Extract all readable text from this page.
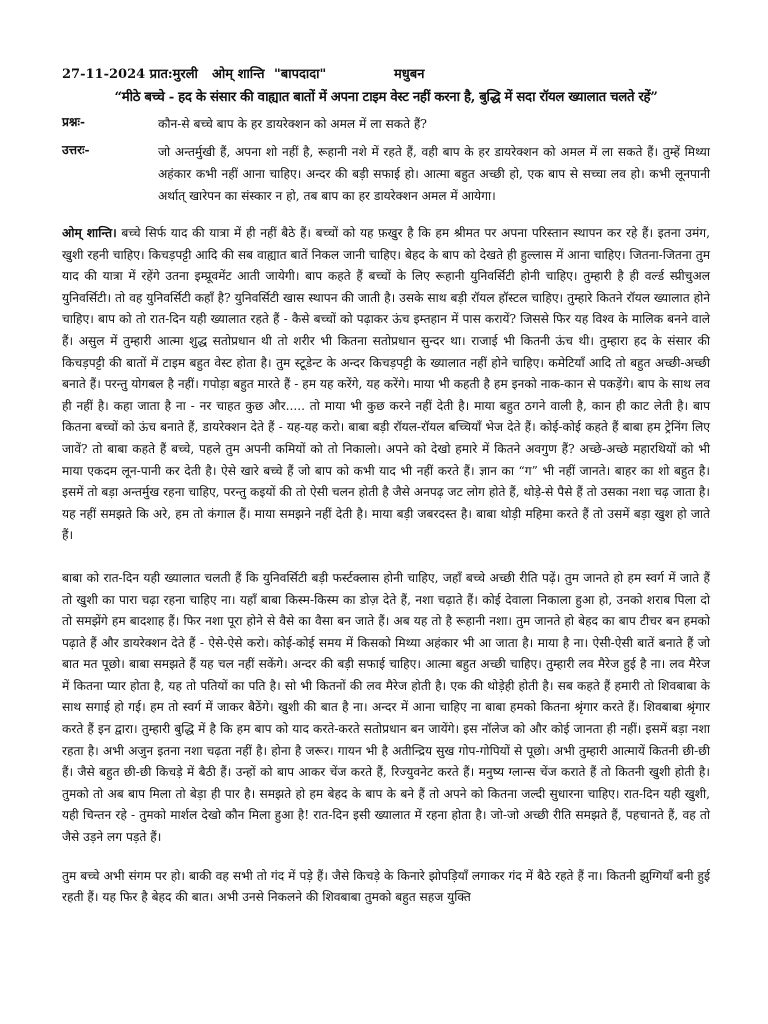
27-11-2024 प्रात:मुरली	ओम् शान्ति "बापदादा"	मधुबन
“मीठे बच्चे - हद के संसार की वाह्यात बातों में अपना टाइम वेस्ट नहीं करना है, बुद्धि में सदा रॉयल ख्यालात चलते रहें”
प्रश्नः-	कौन-से बच्चे बाप के हर डायरेक्शन को अमल में ला सकते हैं?
उत्तरः-	जो अन्तर्मुखी हैं, अपना शो नहीं है, रूहानी नशे में रहते हैं, वही बाप के हर डायरेक्शन को अमल में ला सकते हैं। तुम्हें मिथ्या अहंकार कभी नहीं आना चाहिए। अन्दर की बड़ी सफाई हो। आत्मा बहुत अच्छी हो, एक बाप से सच्चा लव हो। कभी लूनपानी अर्थात् खारेपन का संस्कार न हो, तब बाप का हर डायरेक्शन अमल में आयेगा।

ओम् शान्ति। बच्चे सिर्फ याद की यात्रा में ही नहीं बैठे हैं। बच्चों को यह फ़खुर है कि हम श्रीमत पर अपना परिस्तान स्थापन कर रहे हैं। इतना उमंग, खुशी रहनी चाहिए। किचड़पट्टी आदि की सब वाह्यात बातें निकल जानी चाहिए। बेहद के बाप को देखते ही हुल्लास में आना चाहिए। जितना-जितना तुम याद की यात्रा में रहेंगे उतना इम्प्रूवमेंट आती जायेगी। बाप कहते हैं बच्चों के लिए रूहानी युनिवर्सिटी होनी चाहिए। तुम्हारी है ही वर्ल्ड स्प्रीचुअल युनिवर्सिटी। तो वह युनिवर्सिटी कहाँ है? युनिवर्सिटी खास स्थापन की जाती है। उसके साथ बड़ी रॉयल हॉस्टल चाहिए। तुम्हारे कितने रॉयल ख्यालात होने चाहिए। बाप को तो रात-दिन यही ख्यालात रहते हैं - कैसे बच्चों को पढ़ाकर ऊंच इम्तहान में पास करायें? जिससे फिर यह विश्व के मालिक बनने वाले हैं। असुल में तुम्हारी आत्मा शुद्ध सतोप्रधान थी तो शरीर भी कितना सतोप्रधान सुन्दर था। राजाई भी कितनी ऊंच थी। तुम्हारा हद के संसार की किचड़पट्टी की बातों में टाइम बहुत वेस्ट होता है। तुम स्टूडेन्ट के अन्दर किचड़पट्टी के ख्यालात नहीं होने चाहिए। कमेटियाँ आदि तो बहुत अच्छी-अच्छी बनाते हैं। परन्तु योगबल है नहीं। गपोड़ा बहुत मारते हैं - हम यह करेंगे, यह करेंगे। माया भी कहती है हम इनको नाक-कान से पकड़ेंगे। बाप के साथ लव ही नहीं है। कहा जाता है ना - नर चाहत कुछ और..... तो माया भी कुछ करने नहीं देती है। माया बहुत ठगने वाली है, कान ही काट लेती है। बाप कितना बच्चों को ऊंच बनाते हैं, डायरेक्शन देते हैं - यह-यह करो। बाबा बड़ी रॉयल-रॉयल बच्चियाँ भेज देते हैं। कोई-कोई कहते हैं बाबा हम ट्रेनिंग लिए जावें? तो बाबा कहते हैं बच्चे, पहले तुम अपनी कमियों को तो निकालो। अपने को देखो हमारे में कितने अवगुण हैं? अच्छे-अच्छे महारथियों को भी माया एकदम लून-पानी कर देती है। ऐसे खारे बच्चे हैं जो बाप को कभी याद भी नहीं करते हैं। ज्ञान का “ग” भी नहीं जानते। बाहर का शो बहुत है। इसमें तो बड़ा अन्तर्मुख रहना चाहिए, परन्तु कइयों की तो ऐसी चलन होती है जैसे अनपढ़ जट लोग होते हैं, थोड़े-से पैसे हैं तो उसका नशा चढ़ जाता है। यह नहीं समझते कि अरे, हम तो कंगाल हैं। माया समझने नहीं देती है। माया बड़ी जबरदस्त है। बाबा थोड़ी महिमा करते हैं तो उसमें बड़ा खुश हो जाते हैं।

बाबा को रात-दिन यही ख्यालात चलती हैं कि युनिवर्सिटी बड़ी फर्स्टक्लास होनी चाहिए, जहाँ बच्चे अच्छी रीति पढ़ें। तुम जानते हो हम स्वर्ग में जाते हैं तो खुशी का पारा चढ़ा रहना चाहिए ना। यहाँ बाबा किस्म-किस्म का डोज़ देते हैं, नशा चढ़ाते हैं। कोई देवाला निकाला हुआ हो, उनको शराब पिला दो तो समझेंगे हम बादशाह हैं। फिर नशा पूरा होने से वैसे का वैसा बन जाते हैं। अब यह तो है रूहानी नशा। तुम जानते हो बेहद का बाप टीचर बन हमको पढ़ाते हैं और डायरेक्शन देते हैं - ऐसे-ऐसे करो। कोई-कोई समय में किसको मिथ्या अहंकार भी आ जाता है। माया है ना। ऐसी-ऐसी बातें बनाते हैं जो बात मत पूछो। बाबा समझते हैं यह चल नहीं सकेंगे। अन्दर की बड़ी सफाई चाहिए। आत्मा बहुत अच्छी चाहिए। तुम्हारी लव मैरेज हुई है ना। लव मैरेज में कितना प्यार होता है, यह तो पतियों का पति है। सो भी कितनों की लव मैरेज होती है। एक की थोड़ेही होती है। सब कहते हैं हमारी तो शिवबाबा के साथ सगाई हो गई। हम तो स्वर्ग में जाकर बैठेंगे। खुशी की बात है ना। अन्दर में आना चाहिए ना बाबा हमको कितना श्रृंगार करते हैं। शिवबाबा श्रृंगार करते हैं इन द्वारा। तुम्हारी बुद्धि में है कि हम बाप को याद करते-करते सतोप्रधान बन जायेंगे। इस नॉलेज को और कोई जानता ही नहीं। इसमें बड़ा नशा रहता है। अभी अजुन इतना नशा चढ़ता नहीं है। होना है जरूर। गायन भी है अतीन्द्रिय सुख गोप-गोपियों से पूछो। अभी तुम्हारी आत्मायें कितनी छी-छी हैं। जैसे बहुत छी-छी किचड़े में बैठी हैं। उन्हों को बाप आकर चेंज करते हैं, रिज्युवनेट करते हैं। मनुष्य ग्लान्स चेंज कराते हैं तो कितनी खुशी होती है। तुमको तो अब बाप मिला तो बेड़ा ही पार है। समझते हो हम बेहद के बाप के बने हैं तो अपने को कितना जल्दी सुधारना चाहिए। रात-दिन यही खुशी, यही चिन्तन रहे - तुमको मार्शल देखो कौन मिला हुआ है! रात-दिन इसी ख्यालात में रहना होता है। जो-जो अच्छी रीति समझते हैं, पहचानते हैं, वह तो जैसे उड़ने लग पड़ते हैं।

तुम बच्चे अभी संगम पर हो। बाकी वह सभी तो गंद में पड़े हैं। जैसे किचड़े के किनारे झोपड़ियाँ लगाकर गंद में बैठे रहते हैं ना। कितनी झुग्गियाँ बनी हुई रहती हैं। यह फिर है बेहद की बात। अभी उनसे निकलने की शिवबाबा तुमको बहुत सहज युक्ति
